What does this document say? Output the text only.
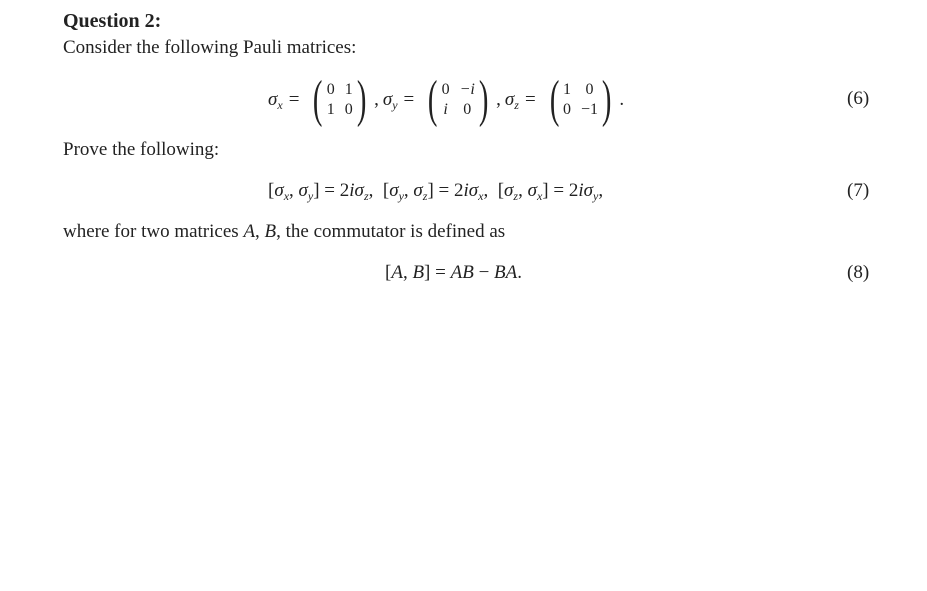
Question 2:
Consider the following Pauli matrices:
$\sigma_x$ = ( 0 1
1 0 ) , $\sigma_y$ = ( 0 −i
i 0 ) , $\sigma_z$ = ( 1 0
0 −1 ) .	(6)
Prove the following:
[$\sigma_x$, $\sigma_y] = 2i\sigma_z$,  [$\sigma_y$, $\sigma_z] = 2i\sigma_x$,  [$\sigma_z$, $\sigma_x] = 2i\sigma_y$,	(7)
where for two matrices A, B, the commutator is defined as
[A, B] = AB − BA.	(8)
